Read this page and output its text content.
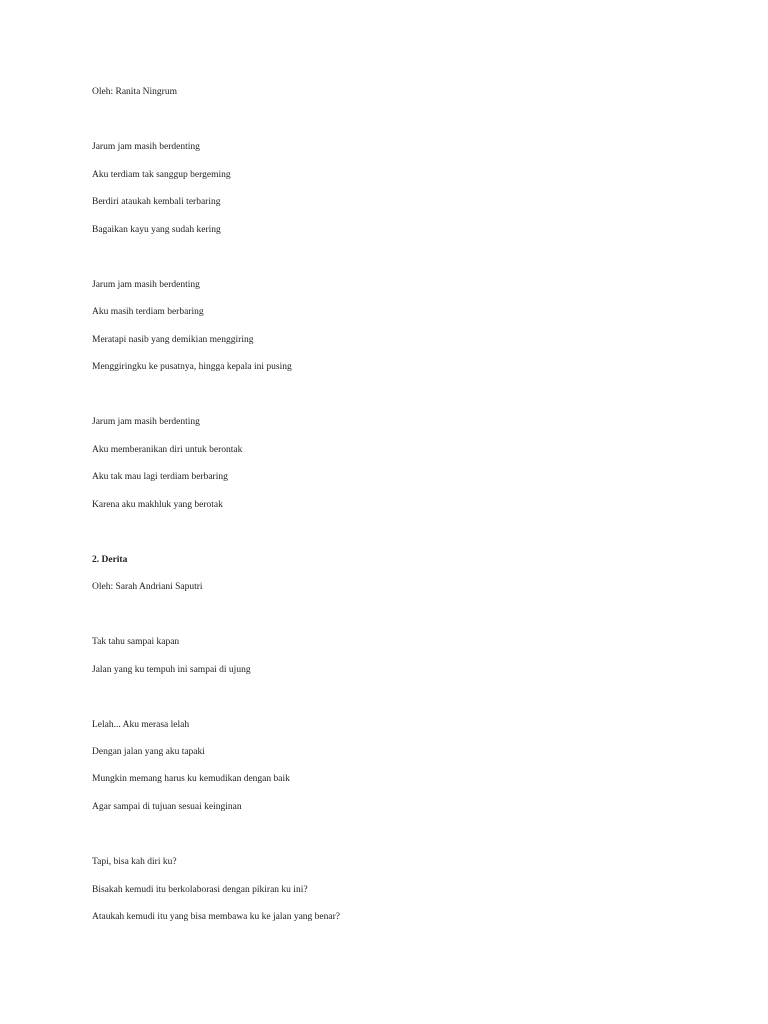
Oleh: Ranita Ningrum
Jarum jam masih berdenting
Aku terdiam tak sanggup bergeming
Berdiri ataukah kembali terbaring
Bagaikan kayu yang sudah kering
Jarum jam masih berdenting
Aku masih terdiam berbaring
Meratapi nasib yang demikian menggiring
Menggiringku ke pusatnya, hingga kepala ini pusing
Jarum jam masih berdenting
Aku memberanikan diri untuk berontak
Aku tak mau lagi terdiam berbaring
Karena aku makhluk yang berotak
2. Derita
Oleh: Sarah Andriani Saputri
Tak tahu sampai kapan
Jalan yang ku tempuh ini sampai di ujung
Lelah... Aku merasa lelah
Dengan jalan yang aku tapaki
Mungkin memang harus ku kemudikan dengan baik
Agar sampai di tujuan sesuai keinginan
Tapi, bisa kah diri ku?
Bisakah kemudi itu berkolaborasi dengan pikiran ku ini?
Ataukah kemudi itu yang bisa membawa ku ke jalan yang benar?
